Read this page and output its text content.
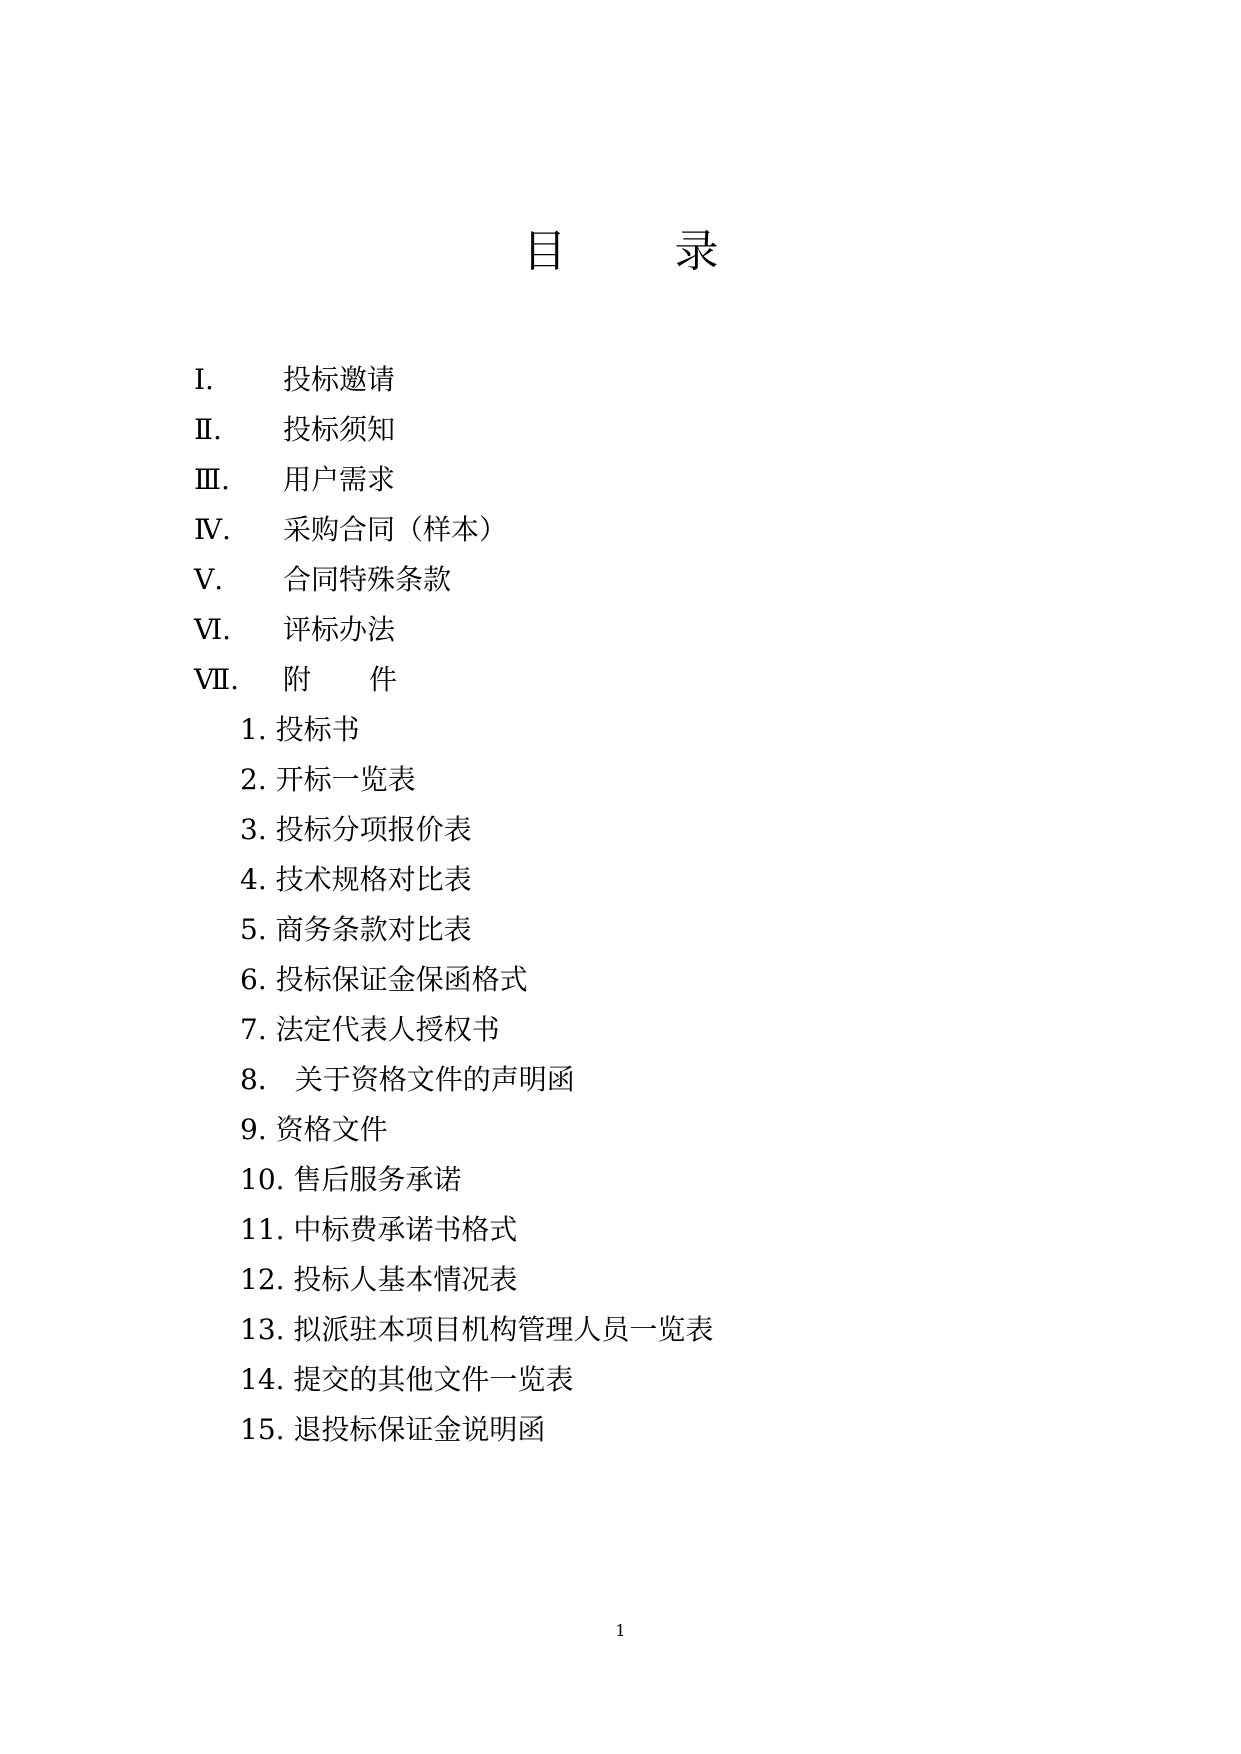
目 录
Ⅰ.	投标邀请
Ⅱ.	投标须知
Ⅲ.	用户需求
Ⅳ.	采购合同（样本）
Ⅴ.	合同特殊条款
Ⅵ.	评标办法
Ⅶ.	附件
1. 投标书
2. 开标一览表
3. 投标分项报价表
4. 技术规格对比表
5. 商务条款对比表
6. 投标保证金保函格式
7. 法定代表人授权书
8． 关于资格文件的声明函
9. 资格文件
10. 售后服务承诺
11. 中标费承诺书格式
12. 投标人基本情况表
13. 拟派驻本项目机构管理人员一览表
14. 提交的其他文件一览表
15. 退投标保证金说明函
1
